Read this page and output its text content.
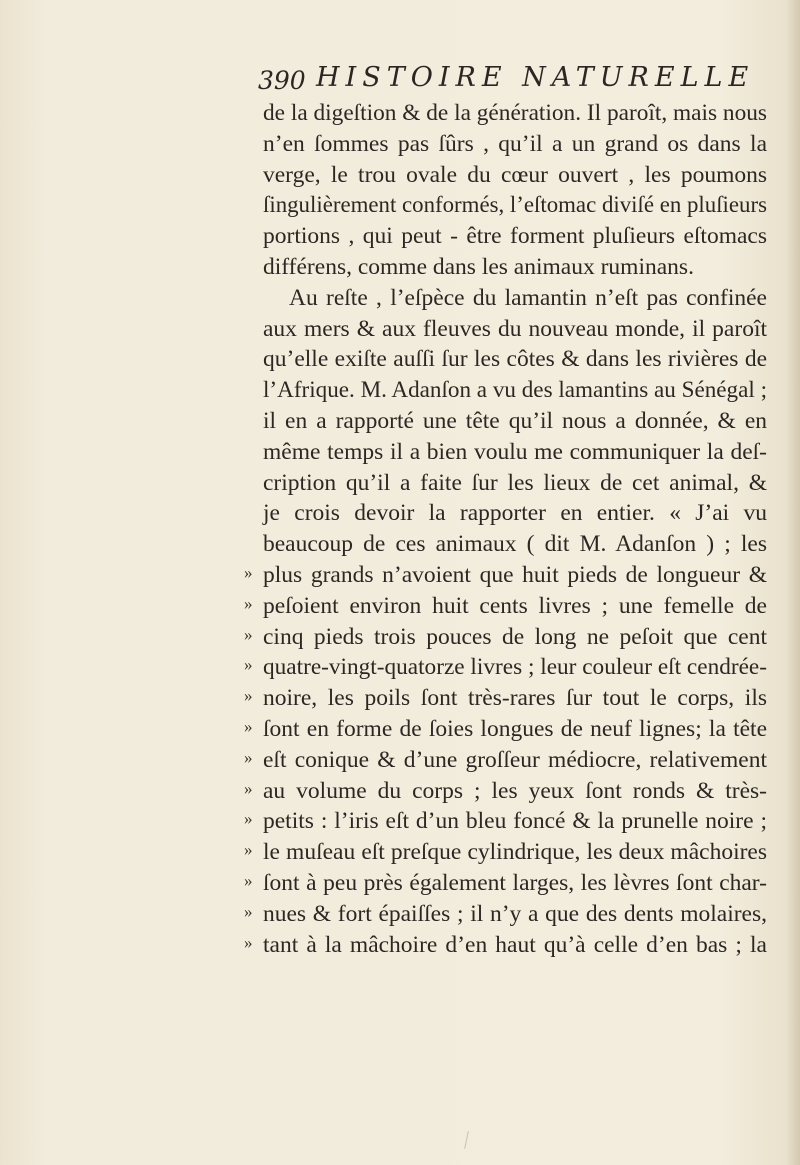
390 HISTOIRE NATURELLE
de la digeſtion & de la génération. Il paroît, mais nous
n’en ſommes pas ſûrs , qu’il a un grand os dans la
verge, le trou ovale du cœur ouvert , les poumons
ſingulièrement conformés, l’eſtomac diviſé en pluſieurs
portions , qui peut - être forment pluſieurs eſtomacs
différens, comme dans les animaux ruminans.
Au reſte , l’eſpèce du lamantin n’eſt pas confinée
aux mers & aux fleuves du nouveau monde, il paroît
qu’elle exiſte auſſi ſur les côtes & dans les rivières de
l’Afrique. M. Adanſon a vu des lamantins au Sénégal ;
il en a rapporté une tête qu’il nous a donnée, & en
même temps il a bien voulu me communiquer la deſ-
cription qu’il a faite ſur les lieux de cet animal, &
je crois devoir la rapporter en entier. « J’ai vu
beaucoup de ces animaux ( dit M. Adanſon ) ; les
» plus grands n’avoient que huit pieds de longueur &
» peſoient environ huit cents livres ; une femelle de
» cinq pieds trois pouces de long ne peſoit que cent
» quatre-vingt-quatorze livres ; leur couleur eſt cendrée-
» noire, les poils ſont très-rares ſur tout le corps, ils
» ſont en forme de ſoies longues de neuf lignes; la tête
» eſt conique & d’une groſſeur médiocre, relativement
» au volume du corps ; les yeux ſont ronds & très-
» petits : l’iris eſt d’un bleu foncé & la prunelle noire ;
» le muſeau eſt preſque cylindrique, les deux mâchoires
» ſont à peu près également larges, les lèvres ſont char-
» nues & fort épaiſſes ; il n’y a que des dents molaires,
» tant à la mâchoire d’en haut qu’à celle d’en bas ; la
